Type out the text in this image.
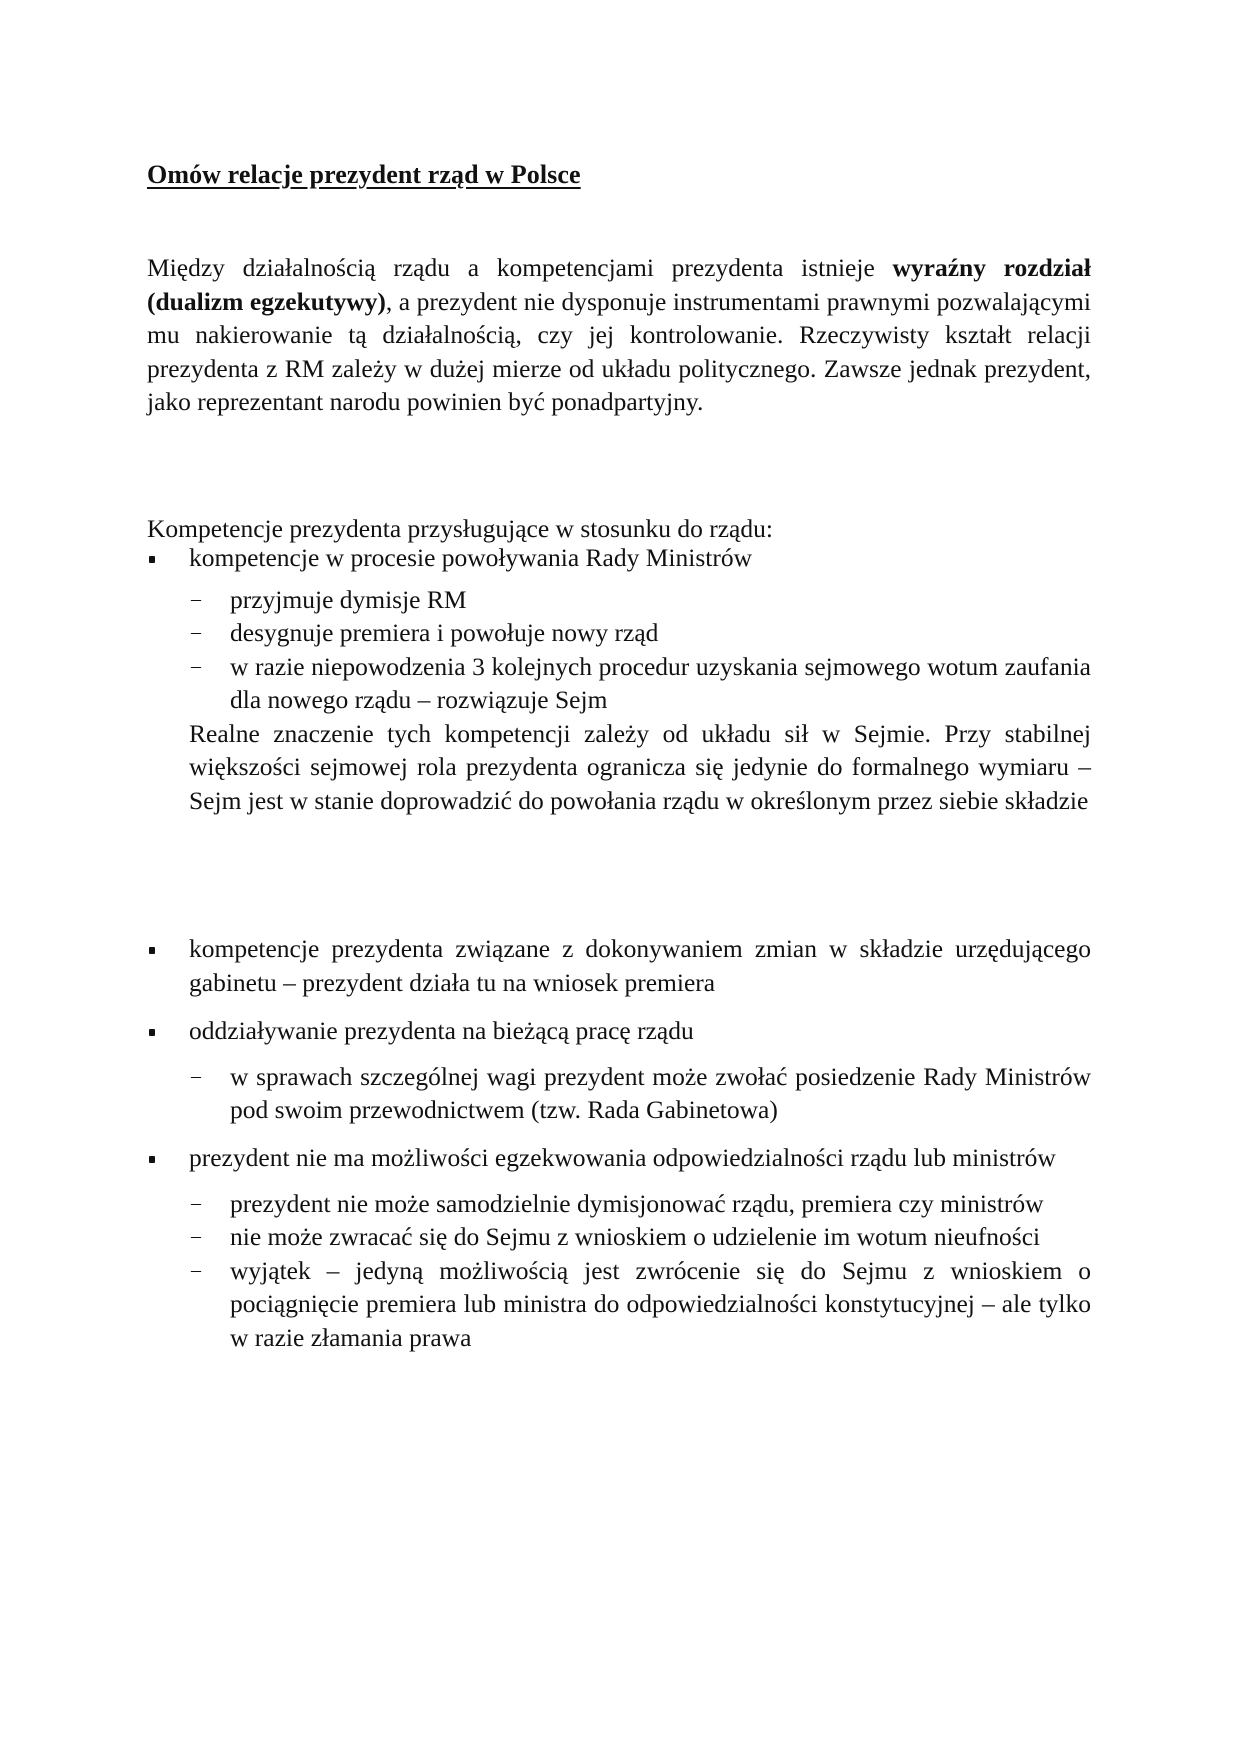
Omów relacje prezydent rząd w Polsce

Między działalnością rządu a kompetencjami prezydenta istnieje wyraźny rozdział (dualizm egzekutywy), a prezydent nie dysponuje instrumentami prawnymi pozwalającymi mu nakierowanie tą działalnością, czy jej kontrolowanie. Rzeczywisty kształt relacji prezydenta z RM zależy w dużej mierze od układu politycznego. Zawsze jednak prezydent, jako reprezentant narodu powinien być ponadpartyjny.

Kompetencje prezydenta przysługujące w stosunku do rządu:

kompetencje w procesie powoływania Rady Ministrów
– przyjmuje dymisje RM
– desygnuje premiera i powołuje nowy rząd
– w razie niepowodzenia 3 kolejnych procedur uzyskania sejmowego wotum zaufania dla nowego rządu – rozwiązuje Sejm
Realne znaczenie tych kompetencji zależy od układu sił w Sejmie. Przy stabilnej większości sejmowej rola prezydenta ogranicza się jedynie do formalnego wymiaru – Sejm jest w stanie doprowadzić do powołania rządu w określonym przez siebie składzie
kompetencje prezydenta związane z dokonywaniem zmian w składzie urzędującego gabinetu – prezydent działa tu na wniosek premiera
oddziaływanie prezydenta na bieżącą pracę rządu
– w sprawach szczególnej wagi prezydent może zwołać posiedzenie Rady Ministrów pod swoim przewodnictwem (tzw. Rada Gabinetowa)
prezydent nie ma możliwości egzekwowania odpowiedzialności rządu lub ministrów
– prezydent nie może samodzielnie dymisjonować rządu, premiera czy ministrów
– nie może zwracać się do Sejmu z wnioskiem o udzielenie im wotum nieufności
– wyjątek – jedyną możliwością jest zwrócenie się do Sejmu z wnioskiem o pociągnięcie premiera lub ministra do odpowiedzialności konstytucyjnej – ale tylko w razie złamania prawa
